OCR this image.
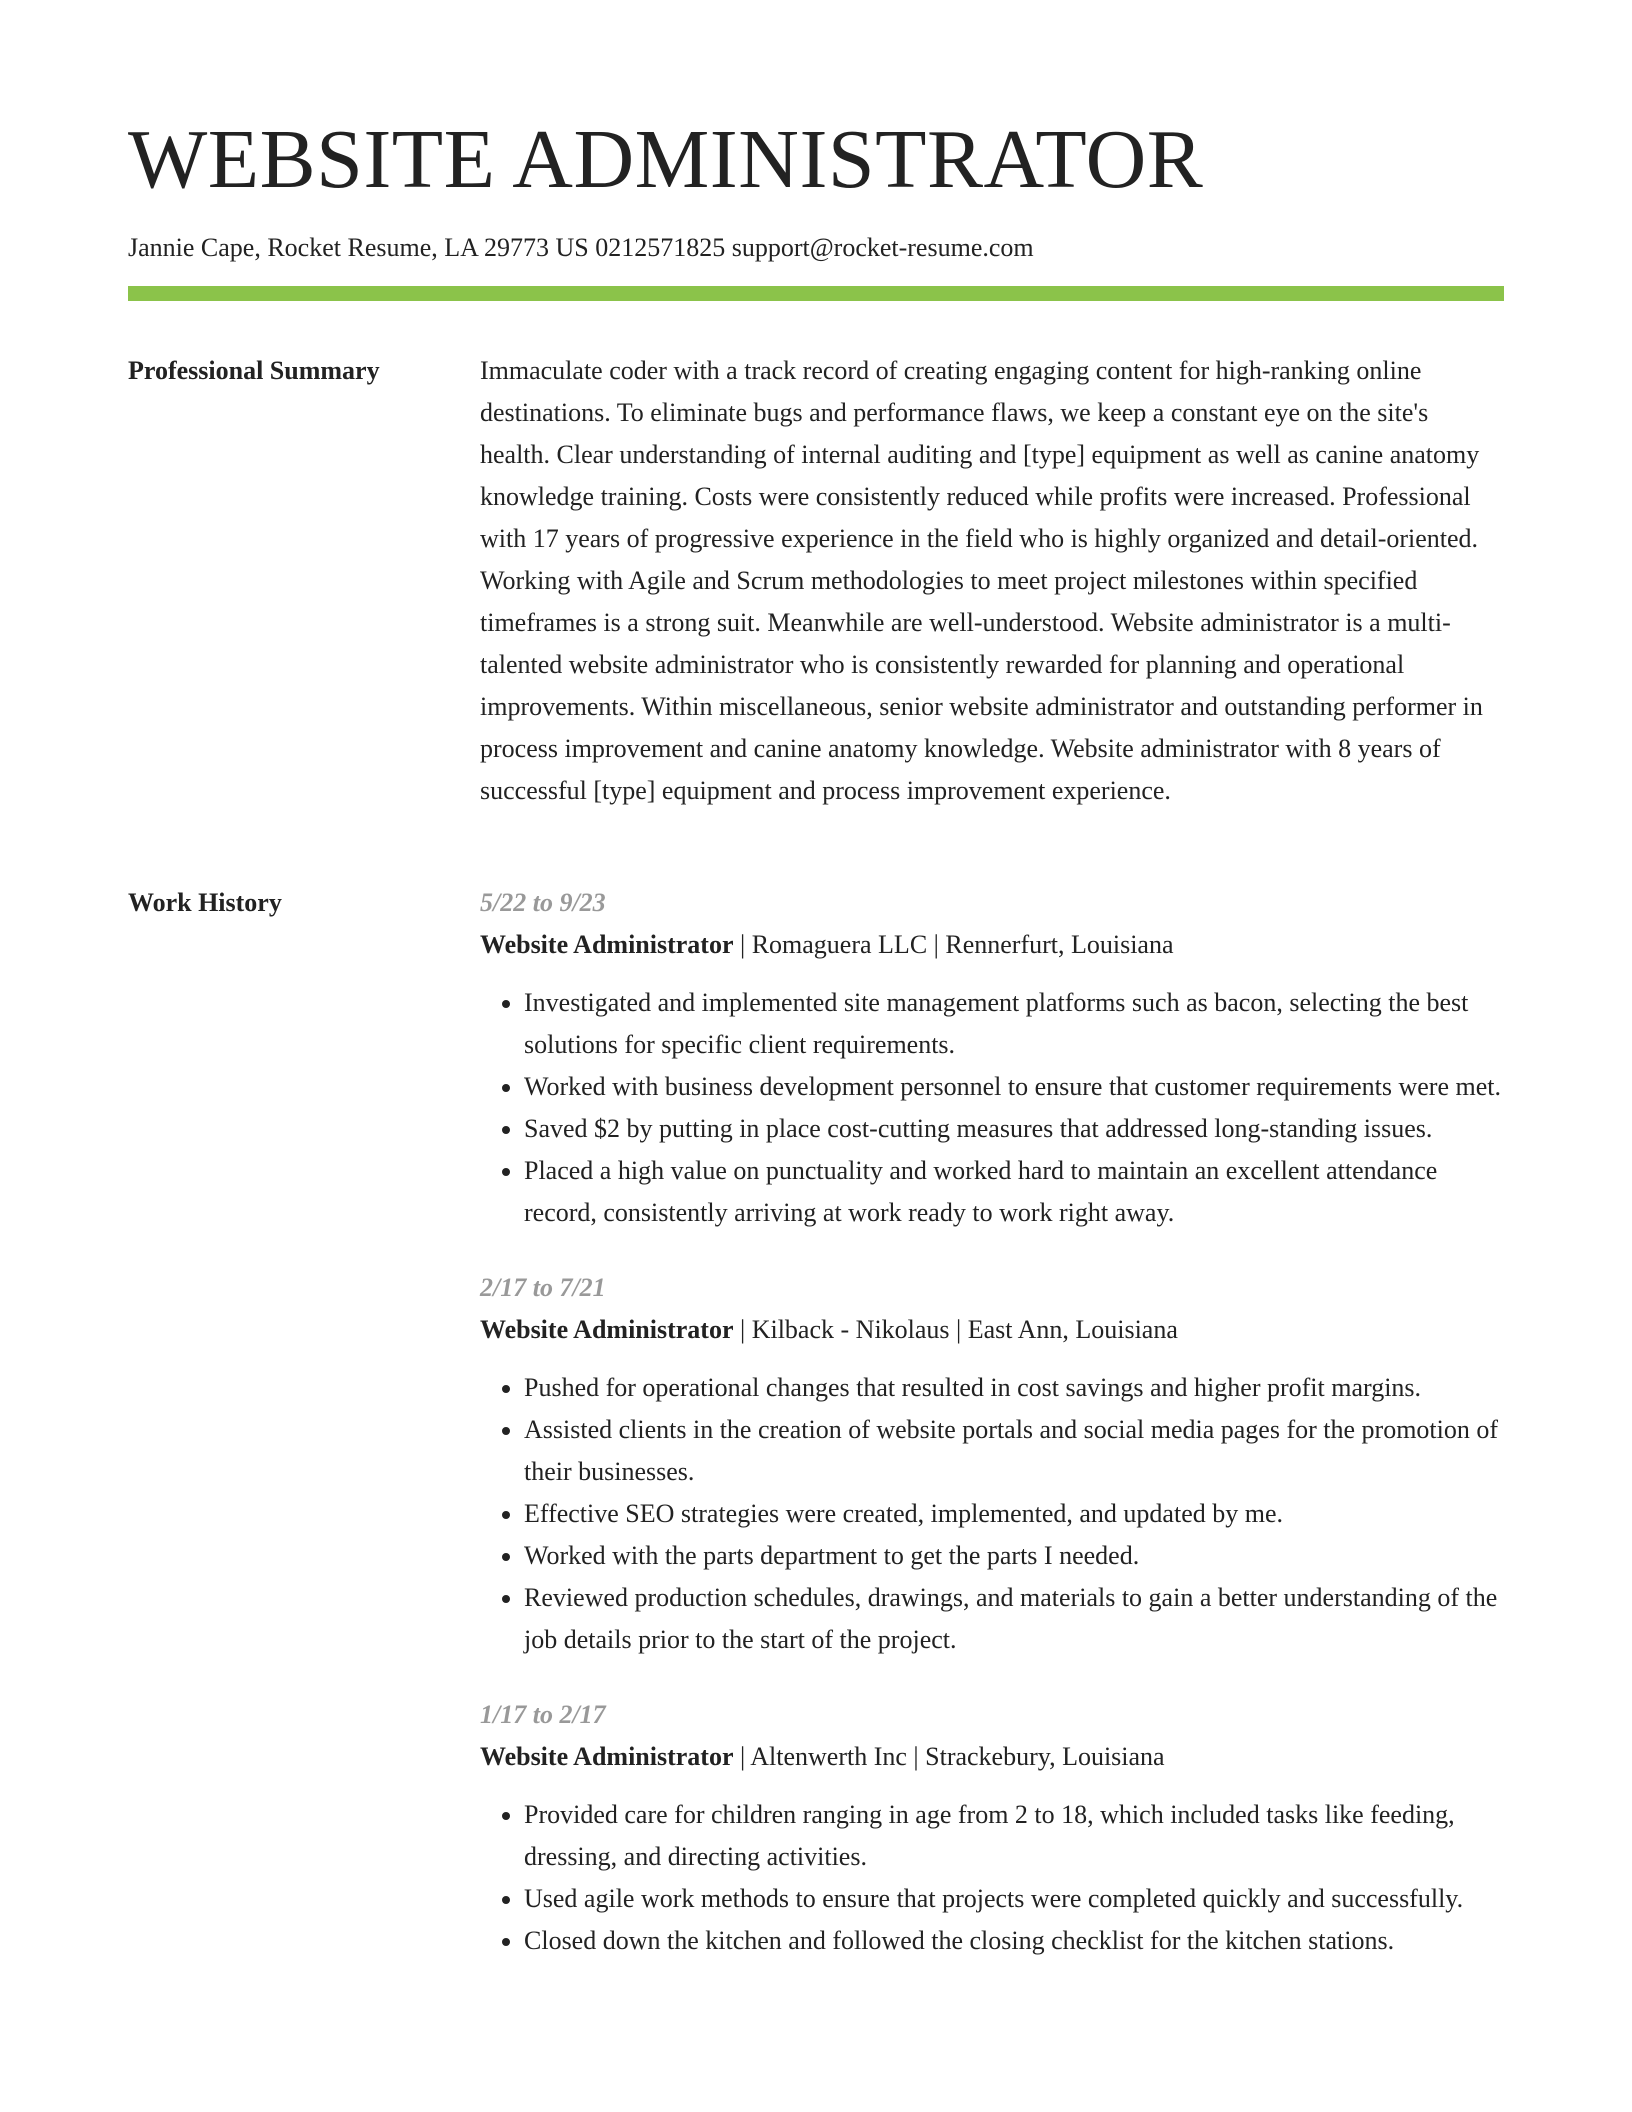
WEBSITE ADMINISTRATOR
Jannie Cape, Rocket Resume, LA 29773 US 0212571825 support@rocket-resume.com
Professional Summary	Immaculate coder with a track record of creating engaging content for high-ranking online destinations. To eliminate bugs and performance flaws, we keep a constant eye on the site's health. Clear understanding of internal auditing and [type] equipment as well as canine anatomy knowledge training. Costs were consistently reduced while profits were increased. Professional with 17 years of progressive experience in the field who is highly organized and detail-oriented. Working with Agile and Scrum methodologies to meet project milestones within specified timeframes is a strong suit. Meanwhile are well-understood. Website administrator is a multi-talented website administrator who is consistently rewarded for planning and operational improvements. Within miscellaneous, senior website administrator and outstanding performer in process improvement and canine anatomy knowledge. Website administrator with 8 years of successful [type] equipment and process improvement experience.

Work History	5/22 to 9/23
Website Administrator | Romaguera LLC | Rennerfurt, Louisiana
• Investigated and implemented site management platforms such as bacon, selecting the best solutions for specific client requirements.
• Worked with business development personnel to ensure that customer requirements were met.
• Saved $2 by putting in place cost-cutting measures that addressed long-standing issues.
• Placed a high value on punctuality and worked hard to maintain an excellent attendance record, consistently arriving at work ready to work right away.
2/17 to 7/21
Website Administrator | Kilback - Nikolaus | East Ann, Louisiana
• Pushed for operational changes that resulted in cost savings and higher profit margins.
• Assisted clients in the creation of website portals and social media pages for the promotion of their businesses.
• Effective SEO strategies were created, implemented, and updated by me.
• Worked with the parts department to get the parts I needed.
• Reviewed production schedules, drawings, and materials to gain a better understanding of the job details prior to the start of the project.
1/17 to 2/17
Website Administrator | Altenwerth Inc | Strackebury, Louisiana
• Provided care for children ranging in age from 2 to 18, which included tasks like feeding, dressing, and directing activities.
• Used agile work methods to ensure that projects were completed quickly and successfully.
• Closed down the kitchen and followed the closing checklist for the kitchen stations.
